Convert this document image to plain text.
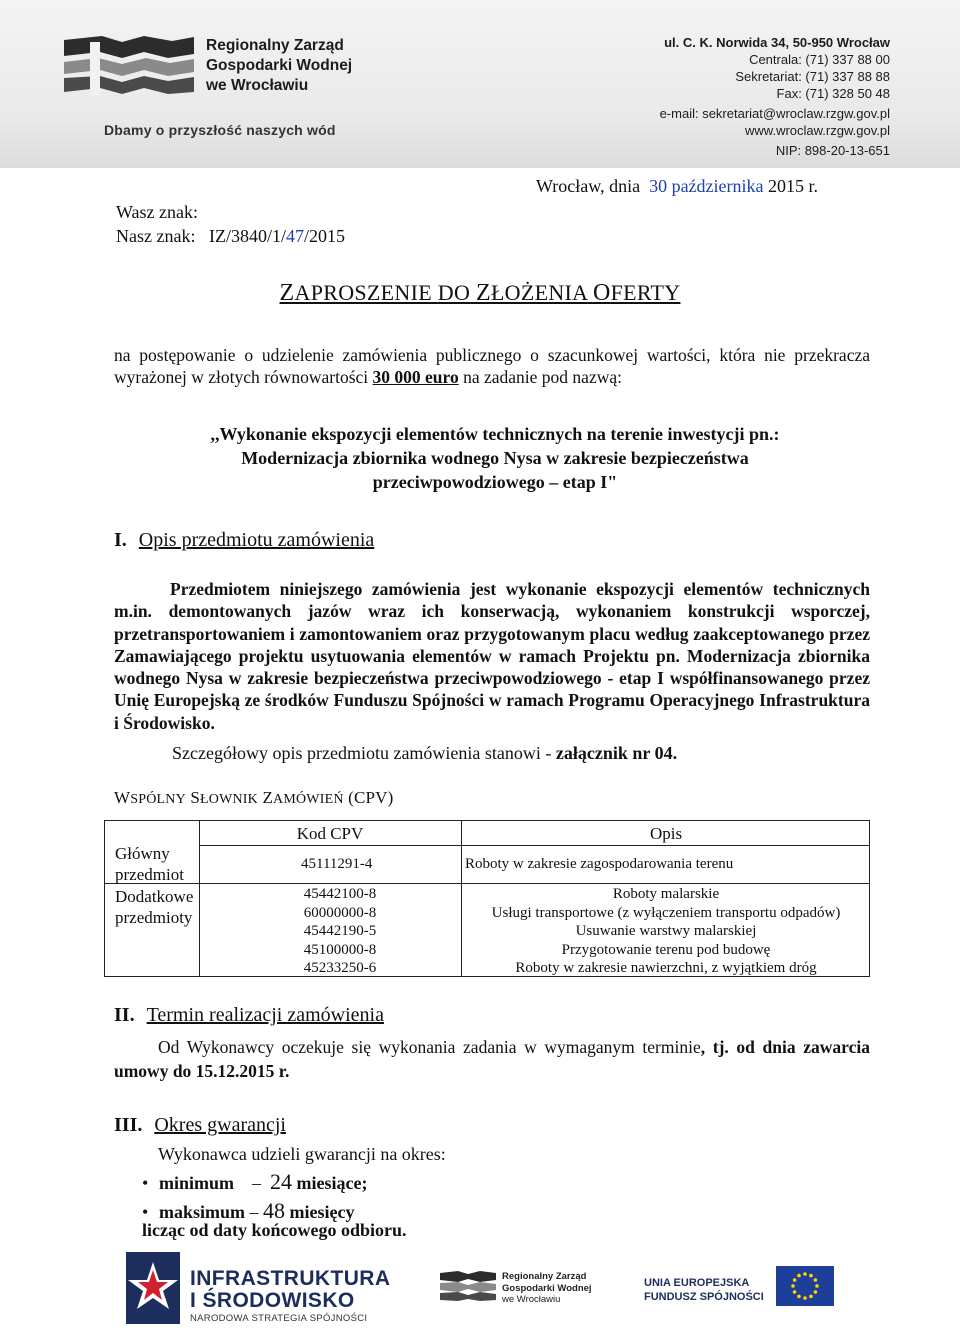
Regionalny Zarząd
Gospodarki Wodnej
we Wrocławiu
Dbamy o przyszłość naszych wód
ul. C. K. Norwida 34, 50-950 Wrocław
Centrala: (71) 337 88 00
Sekretariat: (71) 337 88 88
Fax: (71) 328 50 48
e-mail: sekretariat@wroclaw.rzgw.gov.pl
www.wroclaw.rzgw.gov.pl
NIP: 898-20-13-651
Wrocław, dnia 30 października 2015 r.
Wasz znak:
Nasz znak: IZ/3840/1/47/2015
ZAPROSZENIE DO ZŁOŻENIA OFERTY
na postępowanie o udzielenie zamówienia publicznego o szacunkowej wartości, która nie przekracza wyrażonej w złotych równowartości 30 000 euro na zadanie pod nazwą:
,,Wykonanie ekspozycji elementów technicznych na terenie inwestycji pn.:
Modernizacja zbiornika wodnego Nysa w zakresie bezpieczeństwa
przeciwpowodziowego – etap I"
I. Opis przedmiotu zamówienia
Przedmiotem niniejszego zamówienia jest wykonanie ekspozycji elementów technicznych m.in. demontowanych jazów wraz ich konserwacją, wykonaniem konstrukcji wsporczej, przetransportowaniem i zamontowaniem oraz przygotowanym placu według zaakceptowanego przez Zamawiającego projektu usytuowania elementów w ramach Projektu pn. Modernizacja zbiornika wodnego Nysa w zakresie bezpieczeństwa przeciwpowodziowego - etap I współfinansowanego przez Unię Europejską ze środków Funduszu Spójności w ramach Programu Operacyjnego Infrastruktura i Środowisko.
Szczegółowy opis przedmiotu zamówienia stanowi - załącznik nr 04.
WSPÓLNY SŁOWNIK ZAMÓWIEŃ (CPV)
Kod CPV	Opis
Główny
przedmiot
45111291-4	Roboty w zakresie zagospodarowania terenu
Dodatkowe
przedmioty
45442100-8
60000000-8
45442190-5
45100000-8
45233250-6
Roboty malarskie
Usługi transportowe (z wyłączeniem transportu odpadów)
Usuwanie warstwy malarskiej
Przygotowanie terenu pod budowę
Roboty w zakresie nawierzchni, z wyjątkiem dróg
II. Termin realizacji zamówienia
Od Wykonawcy oczekuje się wykonania zadania w wymaganym terminie, tj. od dnia zawarcia umowy do 15.12.2015 r.
III. Okres gwarancji
Wykonawca udzieli gwarancji na okres:
• minimum – 24 miesiące;
• maksimum – 48 miesięcy
licząc od daty końcowego odbioru.
INFRASTRUKTURA
I ŚRODOWISKO
NARODOWA STRATEGIA SPÓJNOŚCI
Regionalny Zarząd
Gospodarki Wodnej
we Wrocławiu
UNIA EUROPEJSKA
FUNDUSZ SPÓJNOŚCI
